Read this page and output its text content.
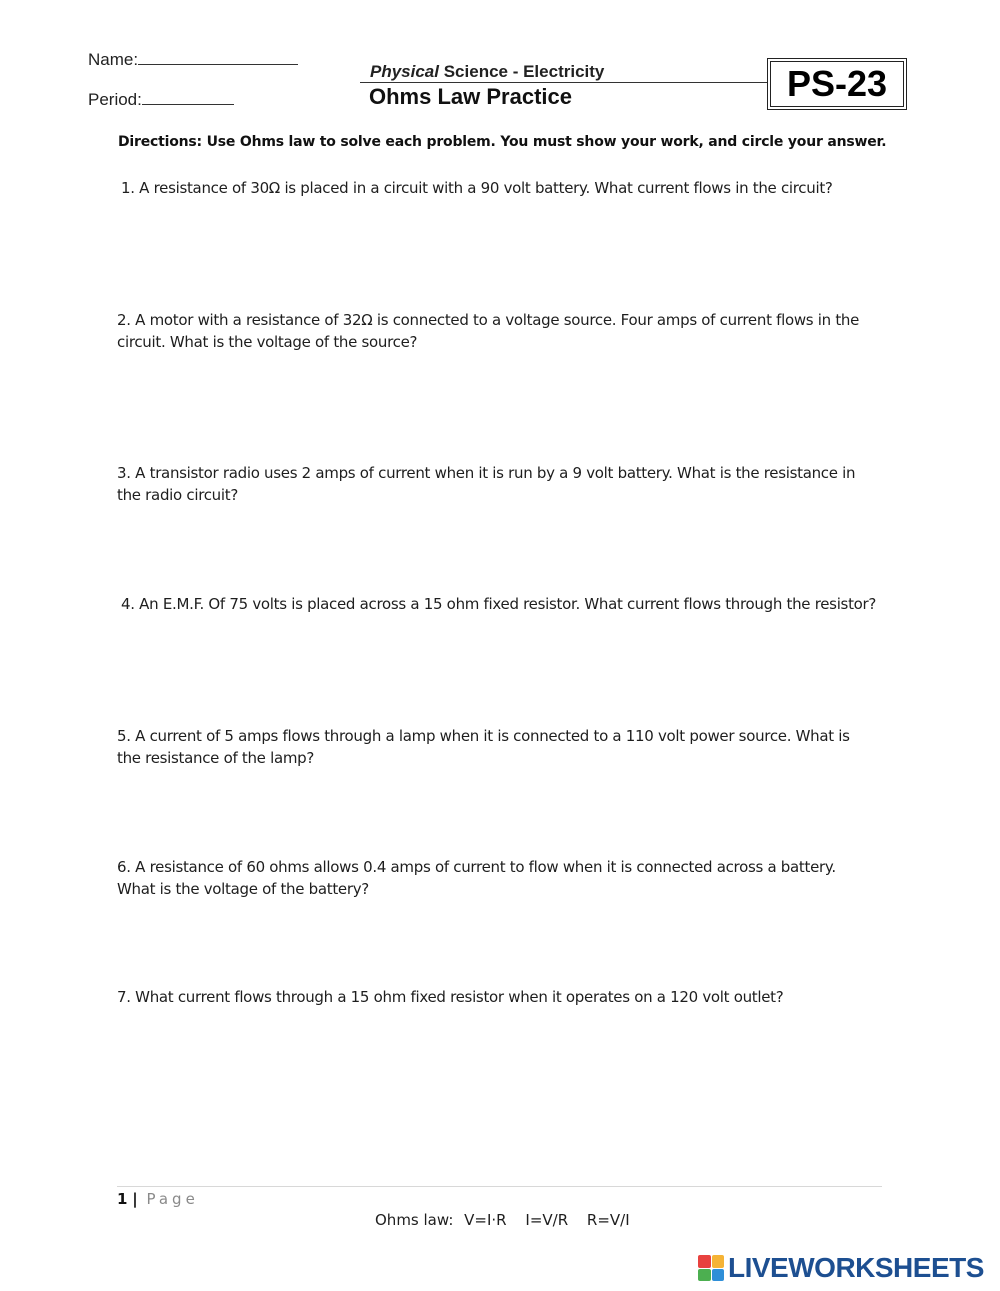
Name:
Period:
Physical Science - Electricity
Ohms Law Practice	PS-23
Directions: Use Ohms law to solve each problem. You must show your work, and circle your answer.
1. A resistance of 30Ω is placed in a circuit with a 90 volt battery. What current flows in the circuit?
2. A motor with a resistance of 32Ω is connected to a voltage source. Four amps of current flows in the circuit. What is the voltage of the source?
3. A transistor radio uses 2 amps of current when it is run by a 9 volt battery. What is the resistance in the radio circuit?
4. An E.M.F. Of 75 volts is placed across a 15 ohm fixed resistor. What current flows through the resistor?
5. A current of 5 amps flows through a lamp when it is connected to a 110 volt power source. What is the resistance of the lamp?
6. A resistance of 60 ohms allows 0.4 amps of current to flow when it is connected across a battery. What is the voltage of the battery?
7. What current flows through a 15 ohm fixed resistor when it operates on a 120 volt outlet?
1 | Page
Ohms law: V=I·R I=V/R R=V/I
LIVEWORKSHEETS
